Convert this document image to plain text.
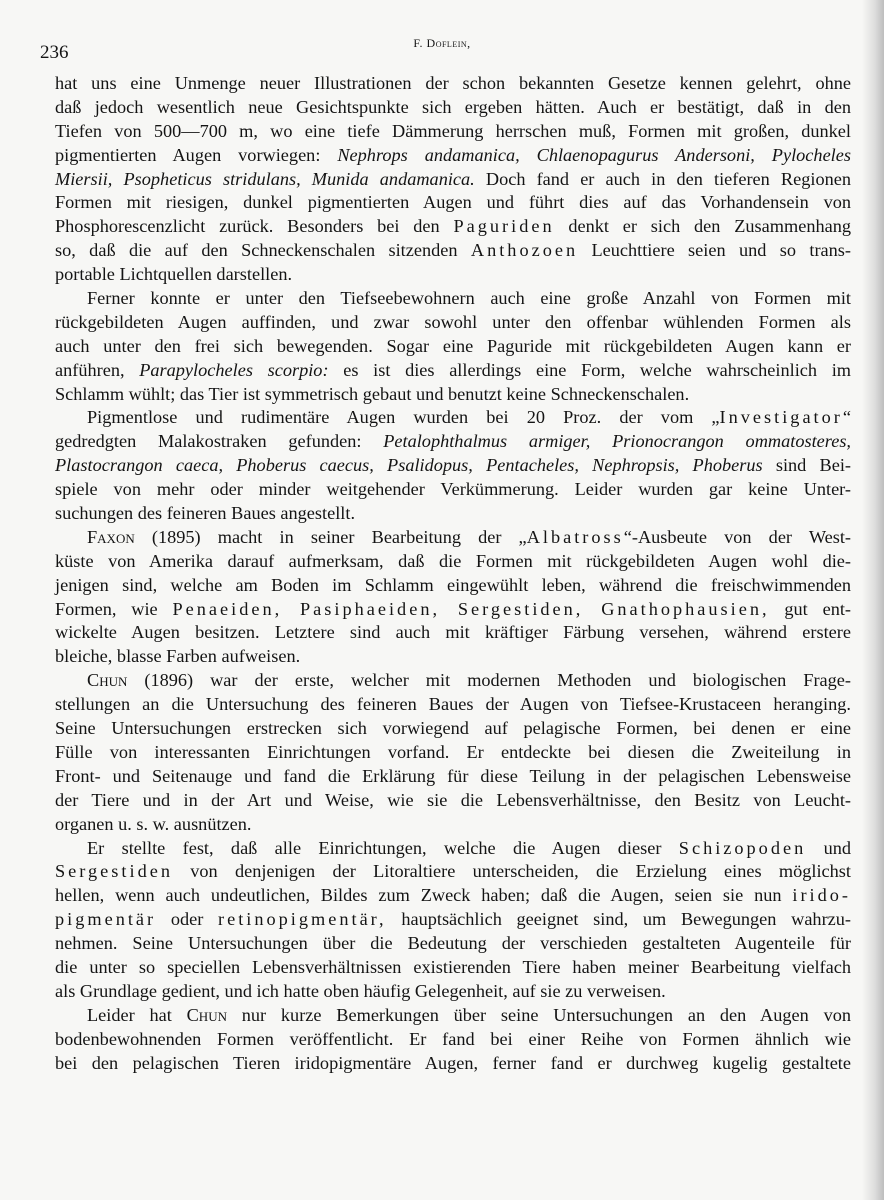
236	F. Doflein,
hat uns eine Unmenge neuer Illustrationen der schon bekannten Gesetze kennen gelehrt, ohne
daß jedoch wesentlich neue Gesichtspunkte sich ergeben hätten. Auch er bestätigt, daß in den
Tiefen von 500—700 m, wo eine tiefe Dämmerung herrschen muß, Formen mit großen, dunkel
pigmentierten Augen vorwiegen: Nephrops andamanica, Chlaenopagurus Andersoni, Pylocheles
Miersii, Psopheticus stridulans, Munida andamanica. Doch fand er auch in den tieferen Regionen
Formen mit riesigen, dunkel pigmentierten Augen und führt dies auf das Vorhandensein von
Phosphorescenzlicht zurück. Besonders bei den Paguriden denkt er sich den Zusammenhang
so, daß die auf den Schneckenschalen sitzenden Anthozoen Leuchttiere seien und so trans-
portable Lichtquellen darstellen.
Ferner konnte er unter den Tiefseebewohnern auch eine große Anzahl von Formen mit
rückgebildeten Augen auffinden, und zwar sowohl unter den offenbar wühlenden Formen als
auch unter den frei sich bewegenden. Sogar eine Paguride mit rückgebildeten Augen kann er
anführen, Parapylocheles scorpio: es ist dies allerdings eine Form, welche wahrscheinlich im
Schlamm wühlt; das Tier ist symmetrisch gebaut und benutzt keine Schneckenschalen.
Pigmentlose und rudimentäre Augen wurden bei 20 Proz. der vom „Investigator“
gedredgten Malakostraken gefunden: Petalophthalmus armiger, Prionocrangon ommatosteres,
Plastocrangon caeca, Phoberus caecus, Psalidopus, Pentacheles, Nephropsis, Phoberus sind Bei-
spiele von mehr oder minder weitgehender Verkümmerung. Leider wurden gar keine Unter-
suchungen des feineren Baues angestellt.
Faxon (1895) macht in seiner Bearbeitung der „Albatross“-Ausbeute von der West-
küste von Amerika darauf aufmerksam, daß die Formen mit rückgebildeten Augen wohl die-
jenigen sind, welche am Boden im Schlamm eingewühlt leben, während die freischwimmenden
Formen, wie Penaeiden, Pasiphaeiden, Sergestiden, Gnathophausien, gut ent-
wickelte Augen besitzen. Letztere sind auch mit kräftiger Färbung versehen, während erstere
bleiche, blasse Farben aufweisen.
Chun (1896) war der erste, welcher mit modernen Methoden und biologischen Frage-
stellungen an die Untersuchung des feineren Baues der Augen von Tiefsee-Krustaceen heranging.
Seine Untersuchungen erstrecken sich vorwiegend auf pelagische Formen, bei denen er eine
Fülle von interessanten Einrichtungen vorfand. Er entdeckte bei diesen die Zweiteilung in
Front- und Seitenauge und fand die Erklärung für diese Teilung in der pelagischen Lebensweise
der Tiere und in der Art und Weise, wie sie die Lebensverhältnisse, den Besitz von Leucht-
organen u. s. w. ausnützen.
Er stellte fest, daß alle Einrichtungen, welche die Augen dieser Schizopoden und
Sergestiden von denjenigen der Litoraltiere unterscheiden, die Erzielung eines möglichst
hellen, wenn auch undeutlichen, Bildes zum Zweck haben; daß die Augen, seien sie nun irido-
pigmentär oder retinopigmentär, hauptsächlich geeignet sind, um Bewegungen wahrzu-
nehmen. Seine Untersuchungen über die Bedeutung der verschieden gestalteten Augenteile für
die unter so speciellen Lebensverhältnissen existierenden Tiere haben meiner Bearbeitung vielfach
als Grundlage gedient, und ich hatte oben häufig Gelegenheit, auf sie zu verweisen.
Leider hat Chun nur kurze Bemerkungen über seine Untersuchungen an den Augen von
bodenbewohnenden Formen veröffentlicht. Er fand bei einer Reihe von Formen ähnlich wie
bei den pelagischen Tieren iridopigmentäre Augen, ferner fand er durchweg kugelig gestaltete
